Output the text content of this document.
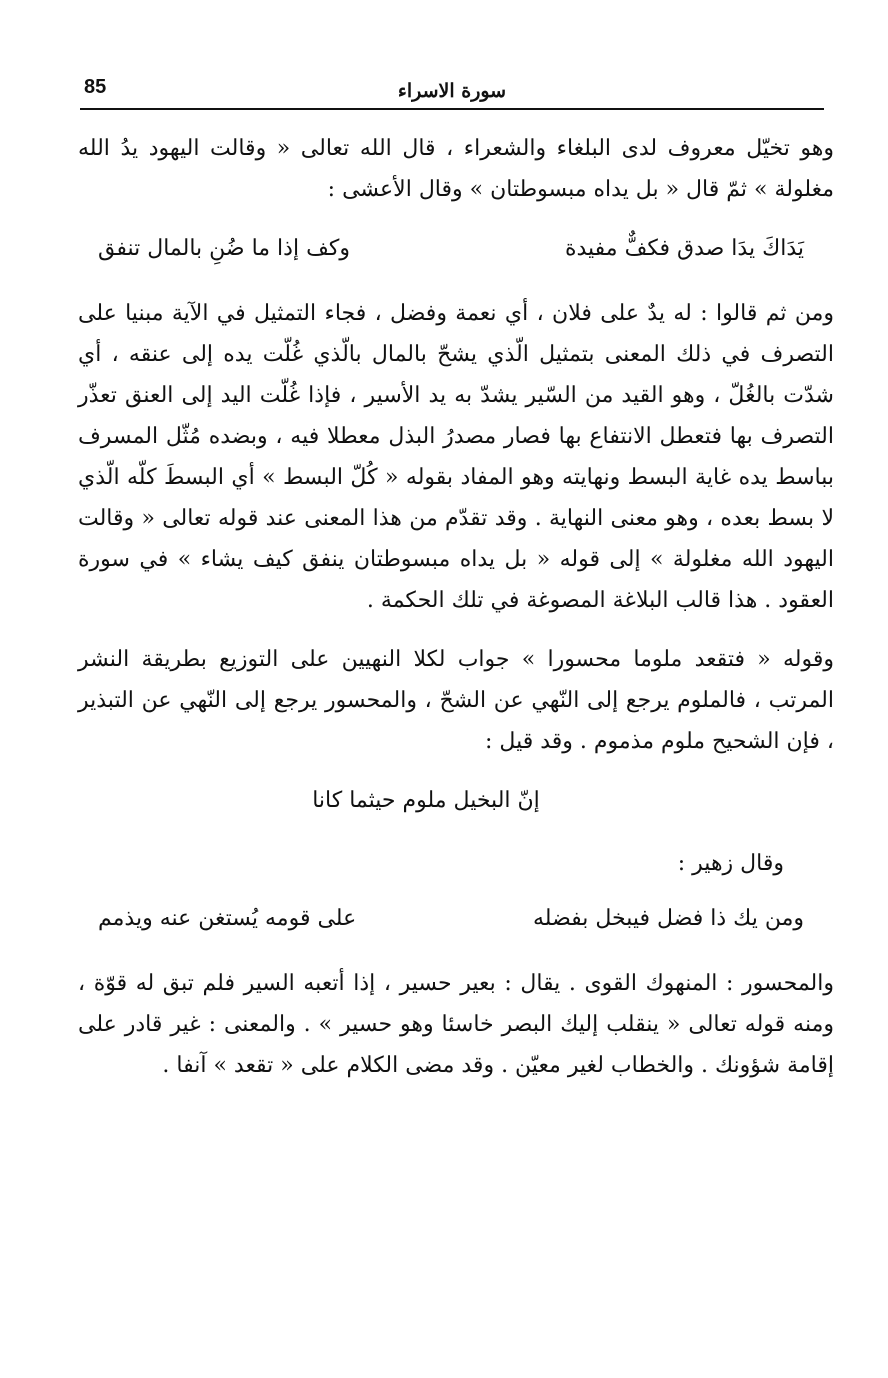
85	سورة الاسراء

وهو تخيّل معروف لدى البلغاء والشعراء ، قال الله تعالى « وقالت اليهود يدُ الله مغلولة » ثمّ قال « بل يداه مبسوطتان » وقال الأعشى :

يَدَاكَ يدَا صدق فكفٌّ مفيدة
وكف إذا ما ضُنِ بالمال تنفق

ومن ثم قالوا : له يدٌ على فلان ، أي نعمة وفضل ، فجاء التمثيل في الآية مبنيا على التصرف في ذلك المعنى بتمثيل الّذي يشحّ بالمال بالّذي غُلّت يده إلى عنقه ، أي شدّت بالغُلّ ، وهو القيد من السّير يشدّ به يد الأسير ، فإذا غُلّت اليد إلى العنق تعذّر التصرف بها فتعطل الانتفاع بها فصار مصدرُ البذل معطلا فيه ، وبضده مُثّل المسرف بباسط يده غاية البسط ونهايته وهو المفاد بقوله « كُلّ البسط » أي البسطَ كلّه الّذي لا بسط بعده ، وهو معنى النهاية . وقد تقدّم من هذا المعنى عند قوله تعالى « وقالت اليهود الله مغلولة » إلى قوله « بل يداه مبسوطتان ينفق كيف يشاء » في سورة العقود . هذا قالب البلاغة المصوغة في تلك الحكمة .

وقوله « فتقعد ملوما محسورا » جواب لكلا النهيين على التوزيع بطريقة النشر المرتب ، فالملوم يرجع إلى النّهي عن الشحّ ، والمحسور يرجع إلى النّهي عن التبذير ، فإن الشحيح ملوم مذموم . وقد قيل :

إنّ البخيل ملوم حيثما كانا
وقال زهير :
ومن يك ذا فضل فيبخل بفضله
على قومه يُستغن عنه ويذمم

والمحسور : المنهوك القوى . يقال : بعير حسير ، إذا أتعبه السير فلم تبق له قوّة ، ومنه قوله تعالى « ينقلب إليك البصر خاسئا وهو حسير » . والمعنى : غير قادر على إقامة شؤونك . والخطاب لغير معيّن . وقد مضى الكلام على « تقعد » آنفا .
